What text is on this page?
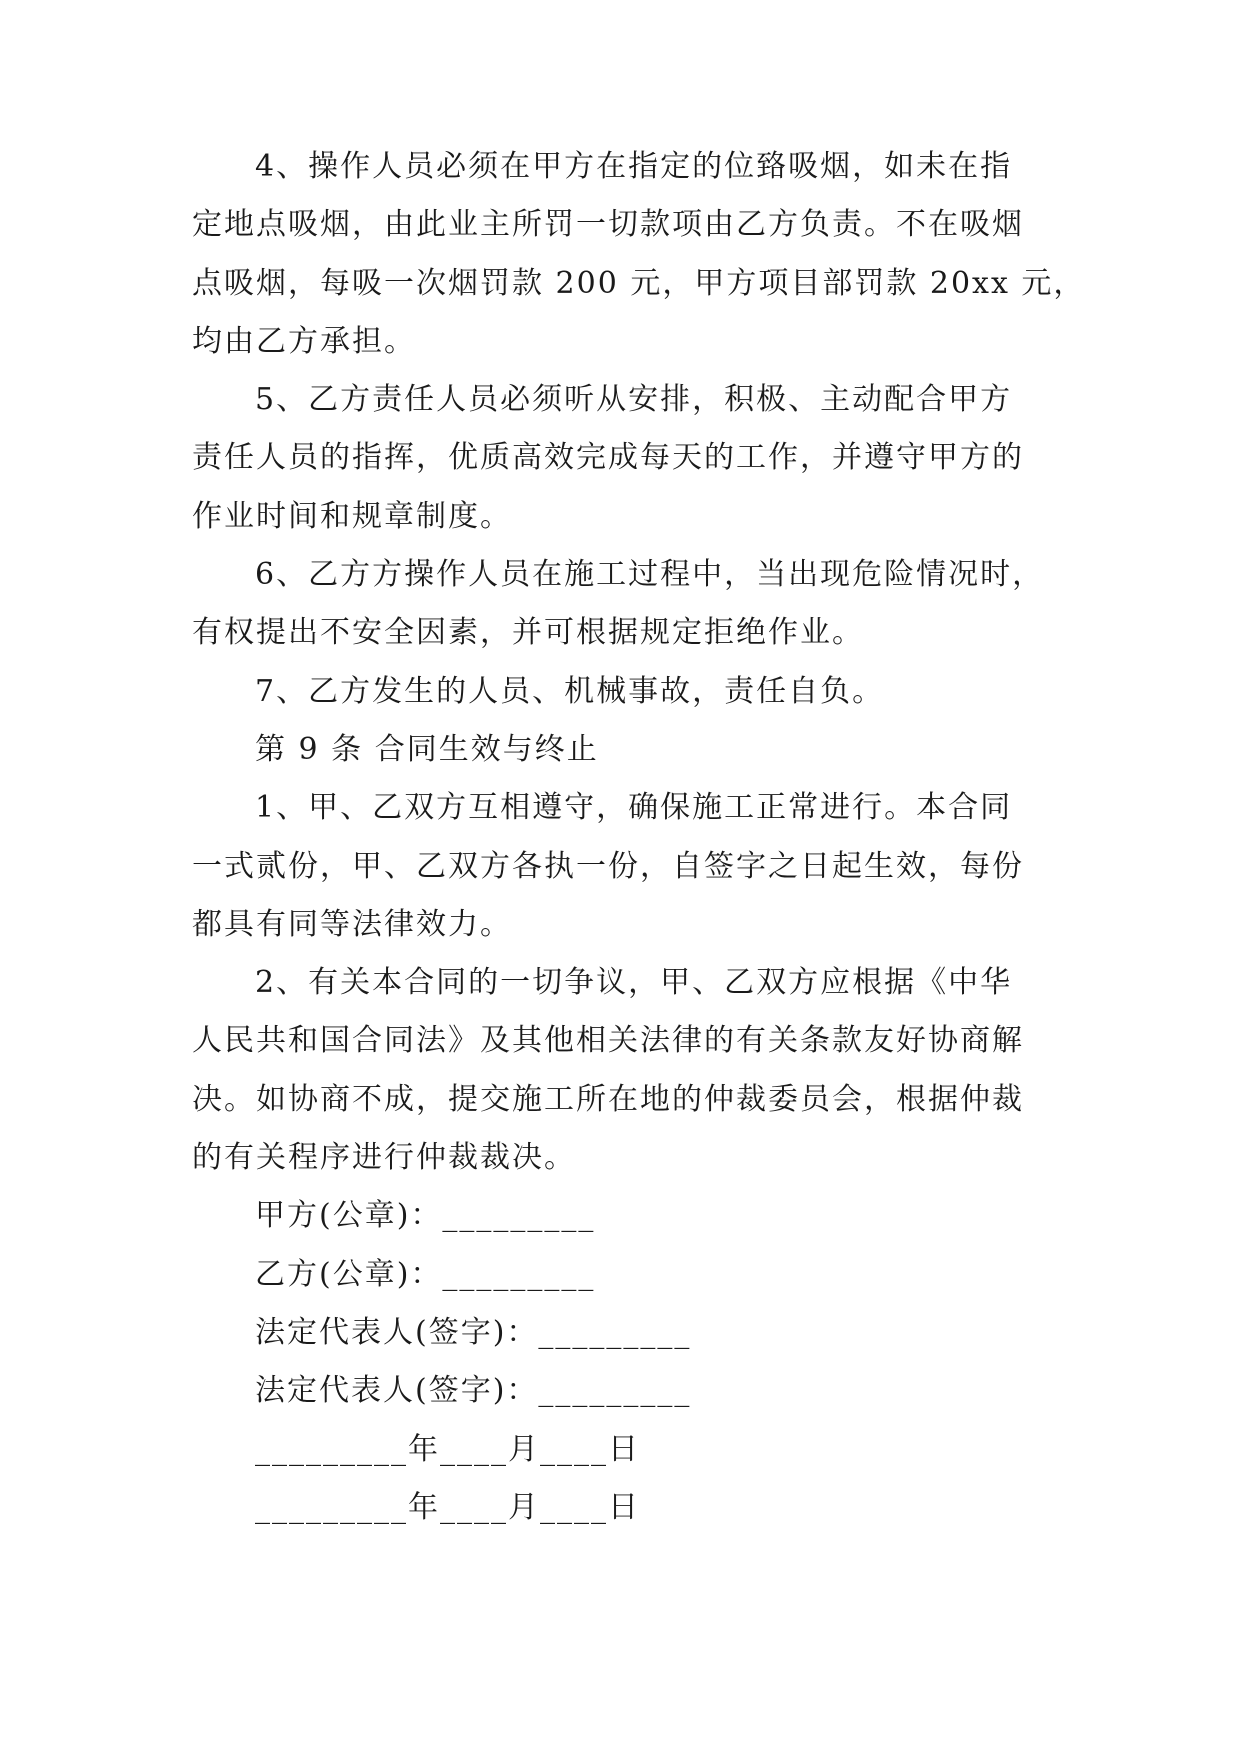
4、操作人员必须在甲方在指定的位臵吸烟，如未在指
定地点吸烟，由此业主所罚一切款项由乙方负责。不在吸烟
点吸烟，每吸一次烟罚款 200 元，甲方项目部罚款 20xx 元，
均由乙方承担。
5、乙方责任人员必须听从安排，积极、主动配合甲方
责任人员的指挥，优质高效完成每天的工作，并遵守甲方的
作业时间和规章制度。
6、乙方方操作人员在施工过程中，当出现危险情况时，
有权提出不安全因素，并可根据规定拒绝作业。
7、乙方发生的人员、机械事故，责任自负。
第 9 条 合同生效与终止
1、甲、乙双方互相遵守，确保施工正常进行。本合同
一式贰份，甲、乙双方各执一份，自签字之日起生效，每份
都具有同等法律效力。
2、有关本合同的一切争议，甲、乙双方应根据《中华
人民共和国合同法》及其他相关法律的有关条款友好协商解
决。如协商不成，提交施工所在地的仲裁委员会，根据仲裁
的有关程序进行仲裁裁决。
甲方(公章)：_________
乙方(公章)：_________
法定代表人(签字)：_________
法定代表人(签字)：_________
_________年____月____日
_________年____月____日
